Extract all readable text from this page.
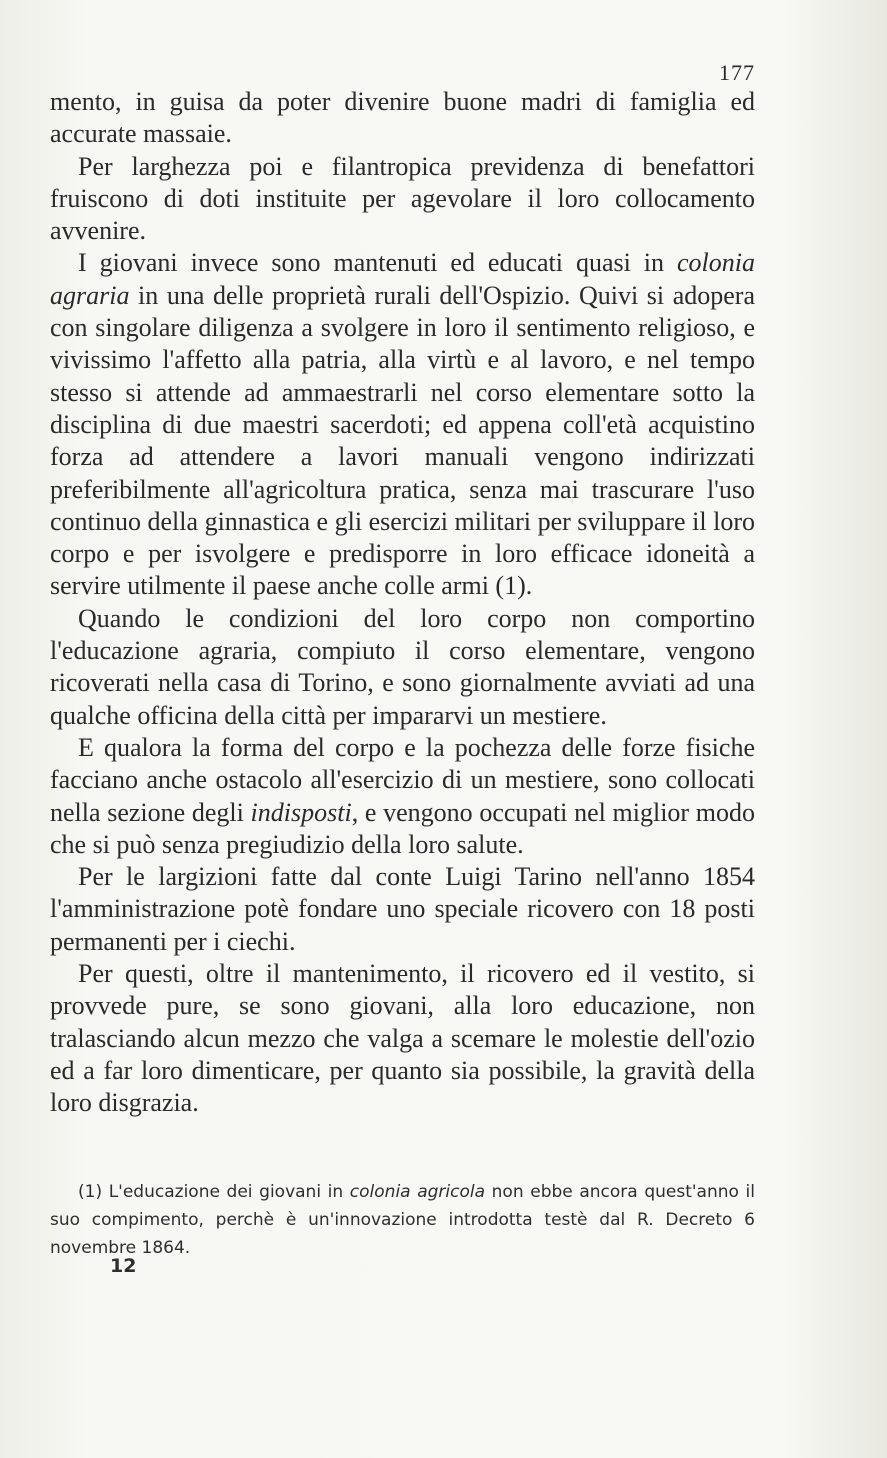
177

mento, in guisa da poter divenire buone madri di famiglia ed accurate massaie.

Per larghezza poi e filantropica previdenza di benefattori fruiscono di doti instituite per agevolare il loro collocamento avvenire.

I giovani invece sono mantenuti ed educati quasi in colonia agraria in una delle proprietà rurali dell'Ospizio. Quivi si adopera con singolare diligenza a svolgere in loro il sentimento religioso, e vivissimo l'affetto alla patria, alla virtù e al lavoro, e nel tempo stesso si attende ad ammaestrarli nel corso elementare sotto la disciplina di due maestri sacerdoti; ed appena coll'età acquistino forza ad attendere a lavori manuali vengono indirizzati preferibilmente all'agricoltura pratica, senza mai trascurare l'uso continuo della ginnastica e gli esercizi militari per sviluppare il loro corpo e per isvolgere e predisporre in loro efficace idoneità a servire utilmente il paese anche colle armi (1).

Quando le condizioni del loro corpo non comportino l'educazione agraria, compiuto il corso elementare, vengono ricoverati nella casa di Torino, e sono giornalmente avviati ad una qualche officina della città per impararvi un mestiere.

E qualora la forma del corpo e la pochezza delle forze fisiche facciano anche ostacolo all'esercizio di un mestiere, sono collocati nella sezione degli indisposti, e vengono occupati nel miglior modo che si può senza pregiudizio della loro salute.

Per le largizioni fatte dal conte Luigi Tarino nell'anno 1854 l'amministrazione potè fondare uno speciale ricovero con 18 posti permanenti per i ciechi.

Per questi, oltre il mantenimento, il ricovero ed il vestito, si provvede pure, se sono giovani, alla loro educazione, non tralasciando alcun mezzo che valga a scemare le molestie dell'ozio ed a far loro dimenticare, per quanto sia possibile, la gravità della loro disgrazia.

(1) L'educazione dei giovani in colonia agricola non ebbe ancora quest'anno il suo compimento, perchè è un'innovazione introdotta testè dal R. Decreto 6 novembre 1864.

12
